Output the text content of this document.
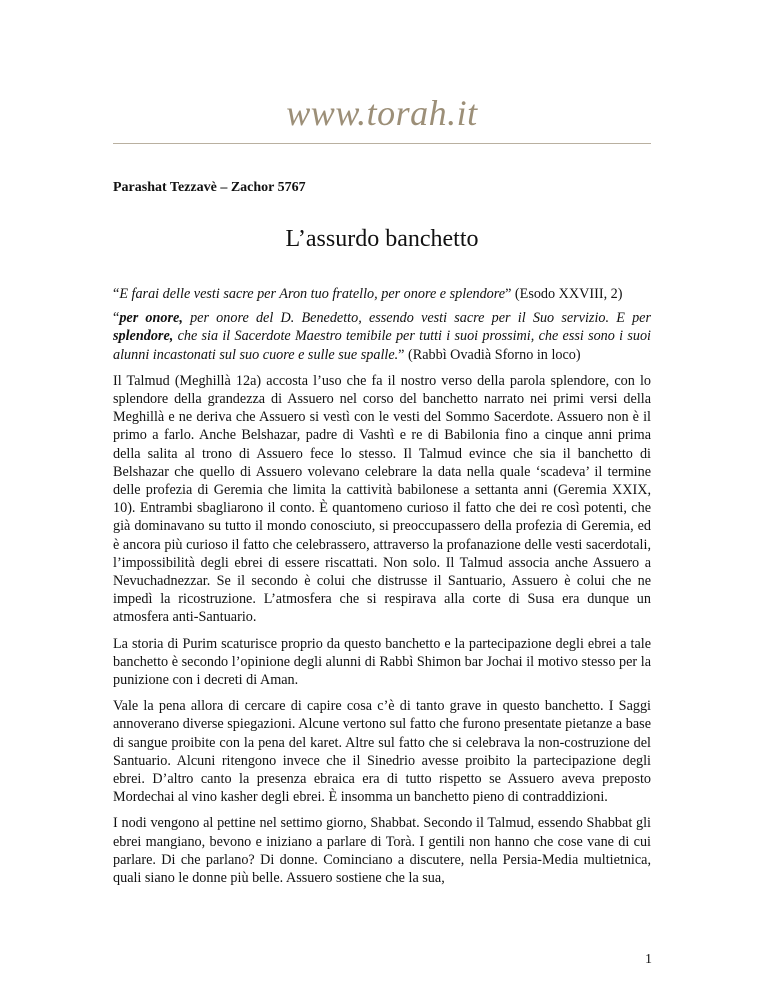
www.torah.it
Parashat Tezzavè – Zachor 5767
L’assurdo banchetto

“E farai delle vesti sacre per Aron tuo fratello, per onore e splendore” (Esodo XXVIII, 2)

“per onore, per onore del D. Benedetto, essendo vesti sacre per il Suo servizio. E per splendore, che sia il Sacerdote Maestro temibile per tutti i suoi prossimi, che essi sono i suoi alunni incastonati sul suo cuore e sulle sue spalle.” (Rabbì Ovadià Sforno in loco)

Il Talmud (Meghillà 12a) accosta l’uso che fa il nostro verso della parola splendore, con lo splendore della grandezza di Assuero nel corso del banchetto narrato nei primi versi della Meghillà e ne deriva che Assuero si vestì con le vesti del Sommo Sacerdote. Assuero non è il primo a farlo. Anche Belshazar, padre di Vashtì e re di Babilonia fino a cinque anni prima della salita al trono di Assuero fece lo stesso. Il Talmud evince che sia il banchetto di Belshazar che quello di Assuero volevano celebrare la data nella quale ‘scadeva’ il termine delle profezia di Geremia che limita la cattività babilonese a settanta anni (Geremia XXIX, 10). Entrambi sbagliarono il conto. È quantomeno curioso il fatto che dei re così potenti, che già dominavano su tutto il mondo conosciuto, si preoccupassero della profezia di Geremia, ed è ancora più curioso il fatto che celebrassero, attraverso la profanazione delle vesti sacerdotali, l’impossibilità degli ebrei di essere riscattati. Non solo. Il Talmud associa anche Assuero a Nevuchadnezzar. Se il secondo è colui che distrusse il Santuario, Assuero è colui che ne impedì la ricostruzione. L’atmosfera che si respirava alla corte di Susa era dunque un atmosfera anti-Santuario.

La storia di Purim scaturisce proprio da questo banchetto e la partecipazione degli ebrei a tale banchetto è secondo l’opinione degli alunni di Rabbì Shimon bar Jochai il motivo stesso per la punizione con i decreti di Aman.

Vale la pena allora di cercare di capire cosa c’è di tanto grave in questo banchetto. I Saggi annoverano diverse spiegazioni. Alcune vertono sul fatto che furono presentate pietanze a base di sangue proibite con la pena del karet. Altre sul fatto che si celebrava la non-costruzione del Santuario. Alcuni ritengono invece che il Sinedrio avesse proibito la partecipazione degli ebrei. D’altro canto la presenza ebraica era di tutto rispetto se Assuero aveva preposto Mordechai al vino kasher degli ebrei. È insomma un banchetto pieno di contraddizioni.

I nodi vengono al pettine nel settimo giorno, Shabbat. Secondo il Talmud, essendo Shabbat gli ebrei mangiano, bevono e iniziano a parlare di Torà. I gentili non hanno che cose vane di cui parlare. Di che parlano? Di donne. Cominciano a discutere, nella Persia-Media multietnica, quali siano le donne più belle. Assuero sostiene che la sua,

1
